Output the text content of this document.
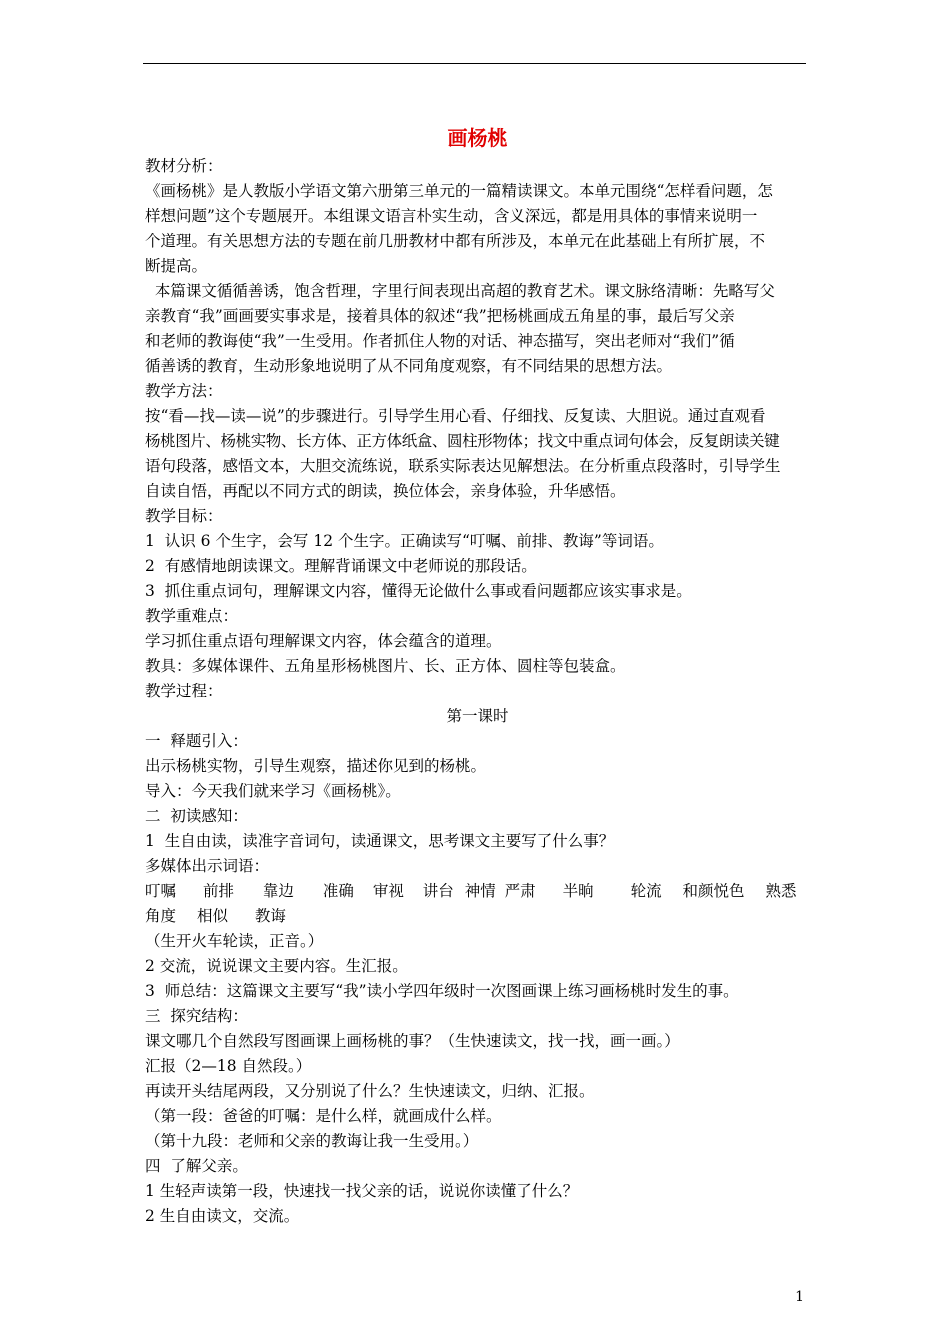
画杨桃
教材分析：
《画杨桃》是人教版小学语文第六册第三单元的一篇精读课文。本单元围绕“怎样看问题，怎
样想问题”这个专题展开。本组课文语言朴实生动，含义深远，都是用具体的事情来说明一
个道理。有关思想方法的专题在前几册教材中都有所涉及，本单元在此基础上有所扩展，不
断提高。
本篇课文循循善诱，饱含哲理，字里行间表现出高超的教育艺术。课文脉络清晰：先略写父
亲教育“我”画画要实事求是，接着具体的叙述“我”把杨桃画成五角星的事，最后写父亲
和老师的教诲使“我”一生受用。作者抓住人物的对话、神态描写，突出老师对“我们”循
循善诱的教育，生动形象地说明了从不同角度观察，有不同结果的思想方法。
教学方法：
按“看—找—读—说”的步骤进行。引导学生用心看、仔细找、反复读、大胆说。通过直观看
杨桃图片、杨桃实物、长方体、正方体纸盒、圆柱形物体；找文中重点词句体会，反复朗读关键
语句段落，感悟文本，大胆交流练说，联系实际表达见解想法。在分析重点段落时，引导学生
自读自悟，再配以不同方式的朗读，换位体会，亲身体验，升华感悟。
教学目标：
1  认识 6 个生字，会写 12 个生字。正确读写“叮嘱、前排、教诲”等词语。
2  有感情地朗读课文。理解背诵课文中老师说的那段话。
3  抓住重点词句，理解课文内容，懂得无论做什么事或看问题都应该实事求是。
教学重难点：
学习抓住重点语句理解课文内容，体会蕴含的道理。
教具：多媒体课件、五角星形杨桃图片、长、正方体、圆柱等包装盒。
教学过程：
第一课时
一  释题引入：
出示杨桃实物，引导生观察，描述你见到的杨桃。
导入：今天我们就来学习《画杨桃》。
二  初读感知：
1  生自由读，读准字音词句，读通课文，思考课文主要写了什么事？
多媒体出示词语：
叮嘱 前排 靠边 准确 审视 讲台 神情 严肃 半晌 轮流 和颜悦色 熟悉
角度 相似 教诲
（生开火车轮读，正音。）
2 交流，说说课文主要内容。生汇报。
3  师总结：这篇课文主要写“我”读小学四年级时一次图画课上练习画杨桃时发生的事。
三  探究结构：
课文哪几个自然段写图画课上画杨桃的事？（生快速读文，找一找，画一画。）
汇报（2—18 自然段。）
再读开头结尾两段，又分别说了什么？生快速读文，归纳、汇报。
（第一段：爸爸的叮嘱：是什么样，就画成什么样。
（第十九段：老师和父亲的教诲让我一生受用。）
四  了解父亲。
1 生轻声读第一段，快速找一找父亲的话，说说你读懂了什么？
2 生自由读文，交流。
1
